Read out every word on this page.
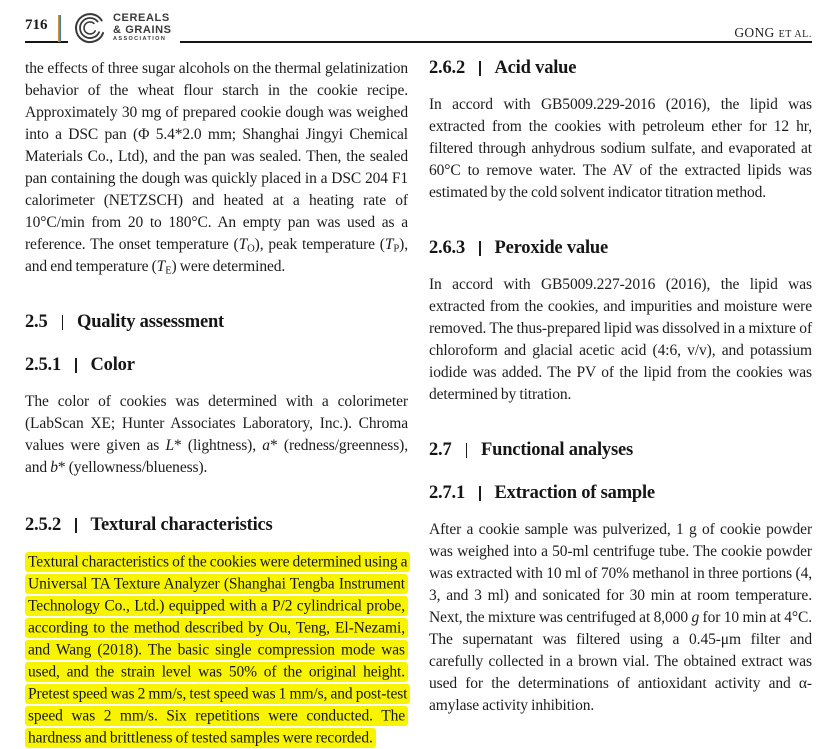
716	CEREALS
& GRAINS
ASSOCIATION	GONG ET AL.

the effects of three sugar alcohols on the thermal gelatinization behavior of the wheat flour starch in the cookie recipe. Approximately 30 mg of prepared cookie dough was weighed into a DSC pan (Φ 5.4*2.0 mm; Shanghai Jingyi Chemical Materials Co., Ltd), and the pan was sealed. Then, the sealed pan containing the dough was quickly placed in a DSC 204 F1 calorimeter (NETZSCH) and heated at a heating rate of 10°C/min from 20 to 180°C. An empty pan was used as a reference. The onset temperature $(T_O)$, peak temperature $(T_P)$, and end temperature $(T_E)$ were determined.

2.5 Quality assessment
2.5.1 Color

The color of cookies was determined with a colorimeter (LabScan XE; Hunter Associates Laboratory, Inc.). Chroma values were given as L* (lightness), a* (redness/greenness), and b* (yellowness/blueness).

2.5.2 Textural characteristics

Textural characteristics of the cookies were determined using a Universal TA Texture Analyzer (Shanghai Tengba Instrument Technology Co., Ltd.) equipped with a P/2 cylindrical probe, according to the method described by Ou, Teng, El-Nezami, and Wang (2018). The basic single compression mode was used, and the strain level was 50% of the original height. Pretest speed was 2 mm/s, test speed was 1 mm/s, and post-test speed was 2 mm/s. Six repetitions were conducted. The hardness and brittleness of tested samples were recorded.

2.6.2 Acid value

In accord with GB5009.229-2016 (2016), the lipid was extracted from the cookies with petroleum ether for 12 hr, filtered through anhydrous sodium sulfate, and evaporated at 60°C to remove water. The AV of the extracted lipids was estimated by the cold solvent indicator titration method.

2.6.3 Peroxide value

In accord with GB5009.227-2016 (2016), the lipid was extracted from the cookies, and impurities and moisture were removed. The thus-prepared lipid was dissolved in a mixture of chloroform and glacial acetic acid (4:6, v/v), and potassium iodide was added. The PV of the lipid from the cookies was determined by titration.

2.7 Functional analyses
2.7.1 Extraction of sample

After a cookie sample was pulverized, 1 g of cookie powder was weighed into a 50-ml centrifuge tube. The cookie powder was extracted with 10 ml of 70% methanol in three portions (4, 3, and 3 ml) and sonicated for 30 min at room temperature. Next, the mixture was centrifuged at 8,000 g for 10 min at 4°C. The supernatant was filtered using a 0.45-μm filter and carefully collected in a brown vial. The obtained extract was used for the determinations of antioxidant activity and α-amylase activity inhibition.
